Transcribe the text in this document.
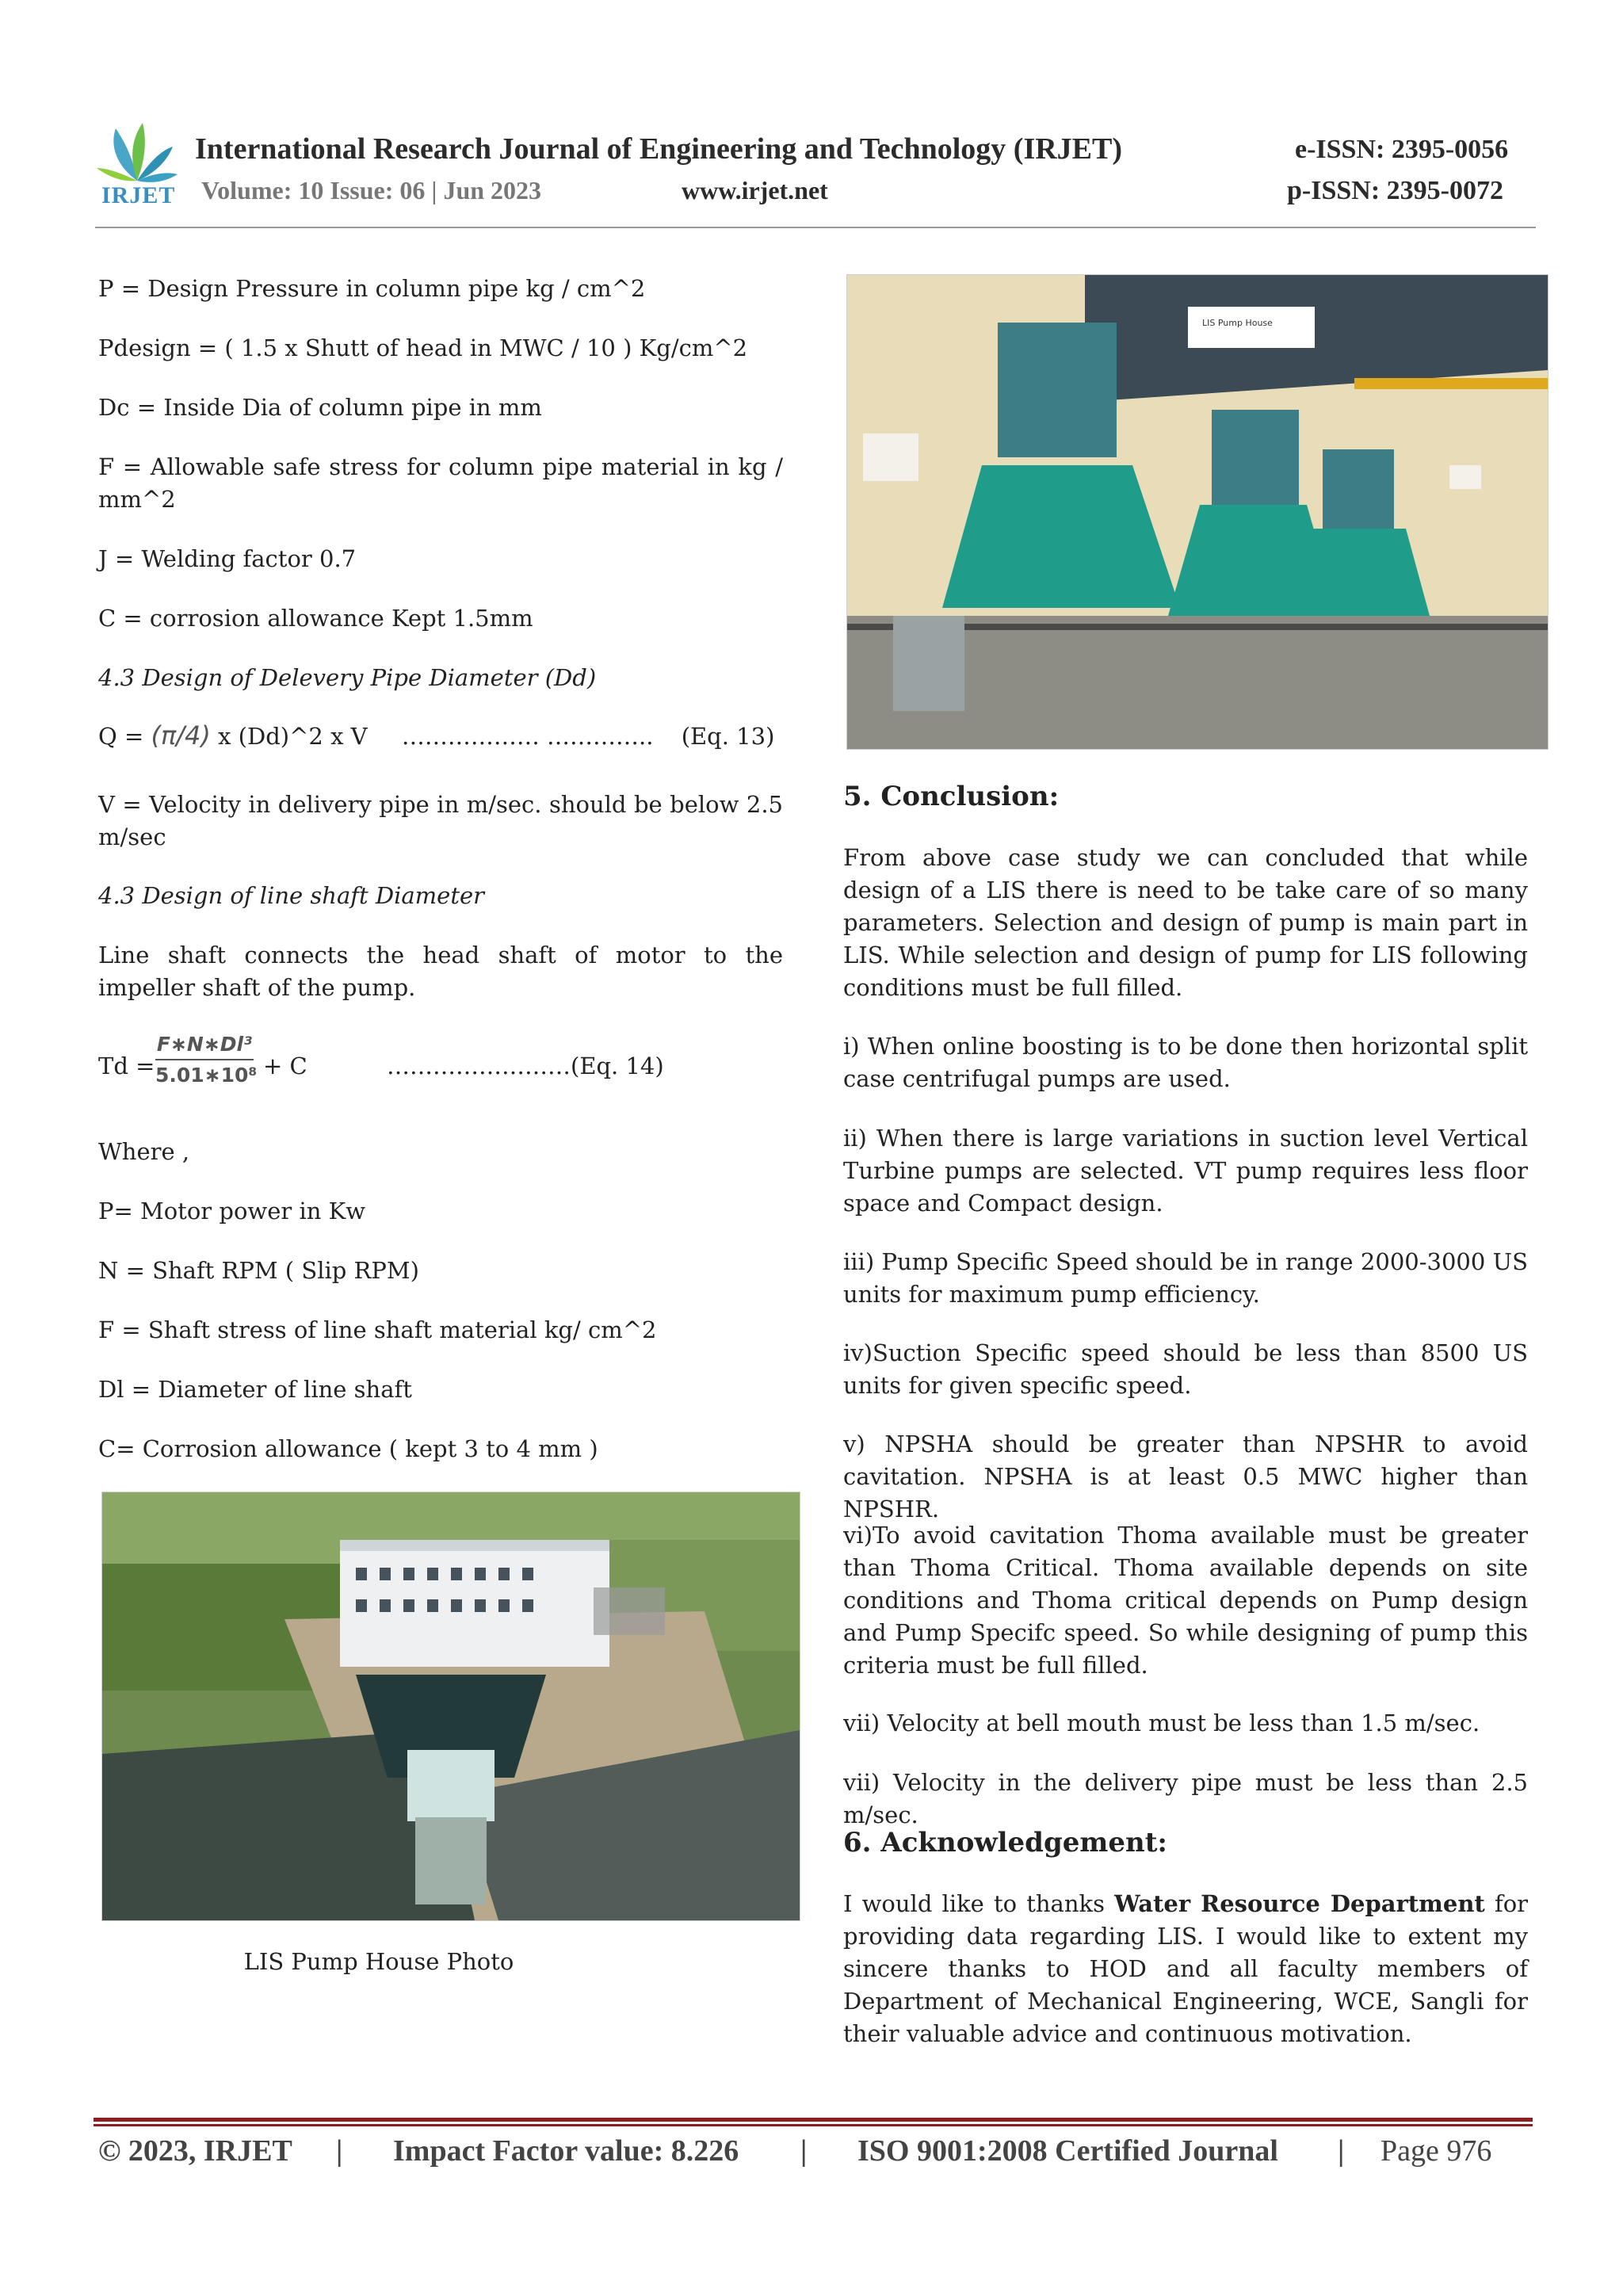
IRJET
International Research Journal of Engineering and Technology (IRJET)	e-ISSN: 2395-0056
Volume: 10 Issue: 06 | Jun 2023	www.irjet.net	p-ISSN: 2395-0072
P = Design Pressure in column pipe kg / cm^2
Pdesign = ( 1.5 x Shutt of head in MWC / 10 ) Kg/cm^2
Dc = Inside Dia of column pipe in mm
F = Allowable safe stress for column pipe material in kg / mm^2
J = Welding factor 0.7
C = corrosion allowance Kept 1.5mm
4.3 Design of Delevery Pipe Diameter (Dd)
Q = (π/4) x (Dd)^2 x V ……………… ………….. (Eq. 13)
V = Velocity in delivery pipe in m/sec. should be below 2.5 m/sec
4.3 Design of line shaft Diameter
Line shaft connects the head shaft of motor to the impeller shaft of the pump.
Td =
F∗N∗Dl³
5.01∗10⁸ + C	……………………(Eq. 14)
Where ,
P= Motor power in Kw
N = Shaft RPM ( Slip RPM)
F = Shaft stress of line shaft material kg/ cm^2
Dl = Diameter of line shaft
C= Corrosion allowance ( kept 3 to 4 mm )
LIS Pump House Photo
LIS Pump House
5. Conclusion:
From above case study we can concluded that while design of a LIS there is need to be take care of so many parameters. Selection and design of pump is main part in LIS. While selection and design of pump for LIS following conditions must be full filled.
i) When online boosting is to be done then horizontal split case centrifugal pumps are used.
ii) When there is large variations in suction level Vertical Turbine pumps are selected. VT pump requires less floor space and Compact design.
iii) Pump Specific Speed should be in range 2000-3000 US units for maximum pump efficiency.
iv)Suction Specific speed should be less than 8500 US units for given specific speed.
v) NPSHA should be greater than NPSHR to avoid cavitation. NPSHA is at least 0.5 MWC higher than NPSHR.
vi)To avoid cavitation Thoma available must be greater than Thoma Critical. Thoma available depends on site conditions and Thoma critical depends on Pump design and Pump Specifc speed. So while designing of pump this criteria must be full filled.
vii) Velocity at bell mouth must be less than 1.5 m/sec.
vii) Velocity in the delivery pipe must be less than 2.5 m/sec.
6. Acknowledgement:
I would like to thanks Water Resource Department for providing data regarding LIS. I would like to extent my sincere thanks to HOD and all faculty members of Department of Mechanical Engineering, WCE, Sangli for their valuable advice and continuous motivation.
© 2023, IRJET | Impact Factor value: 8.226 | ISO 9001:2008 Certified Journal | Page 976
